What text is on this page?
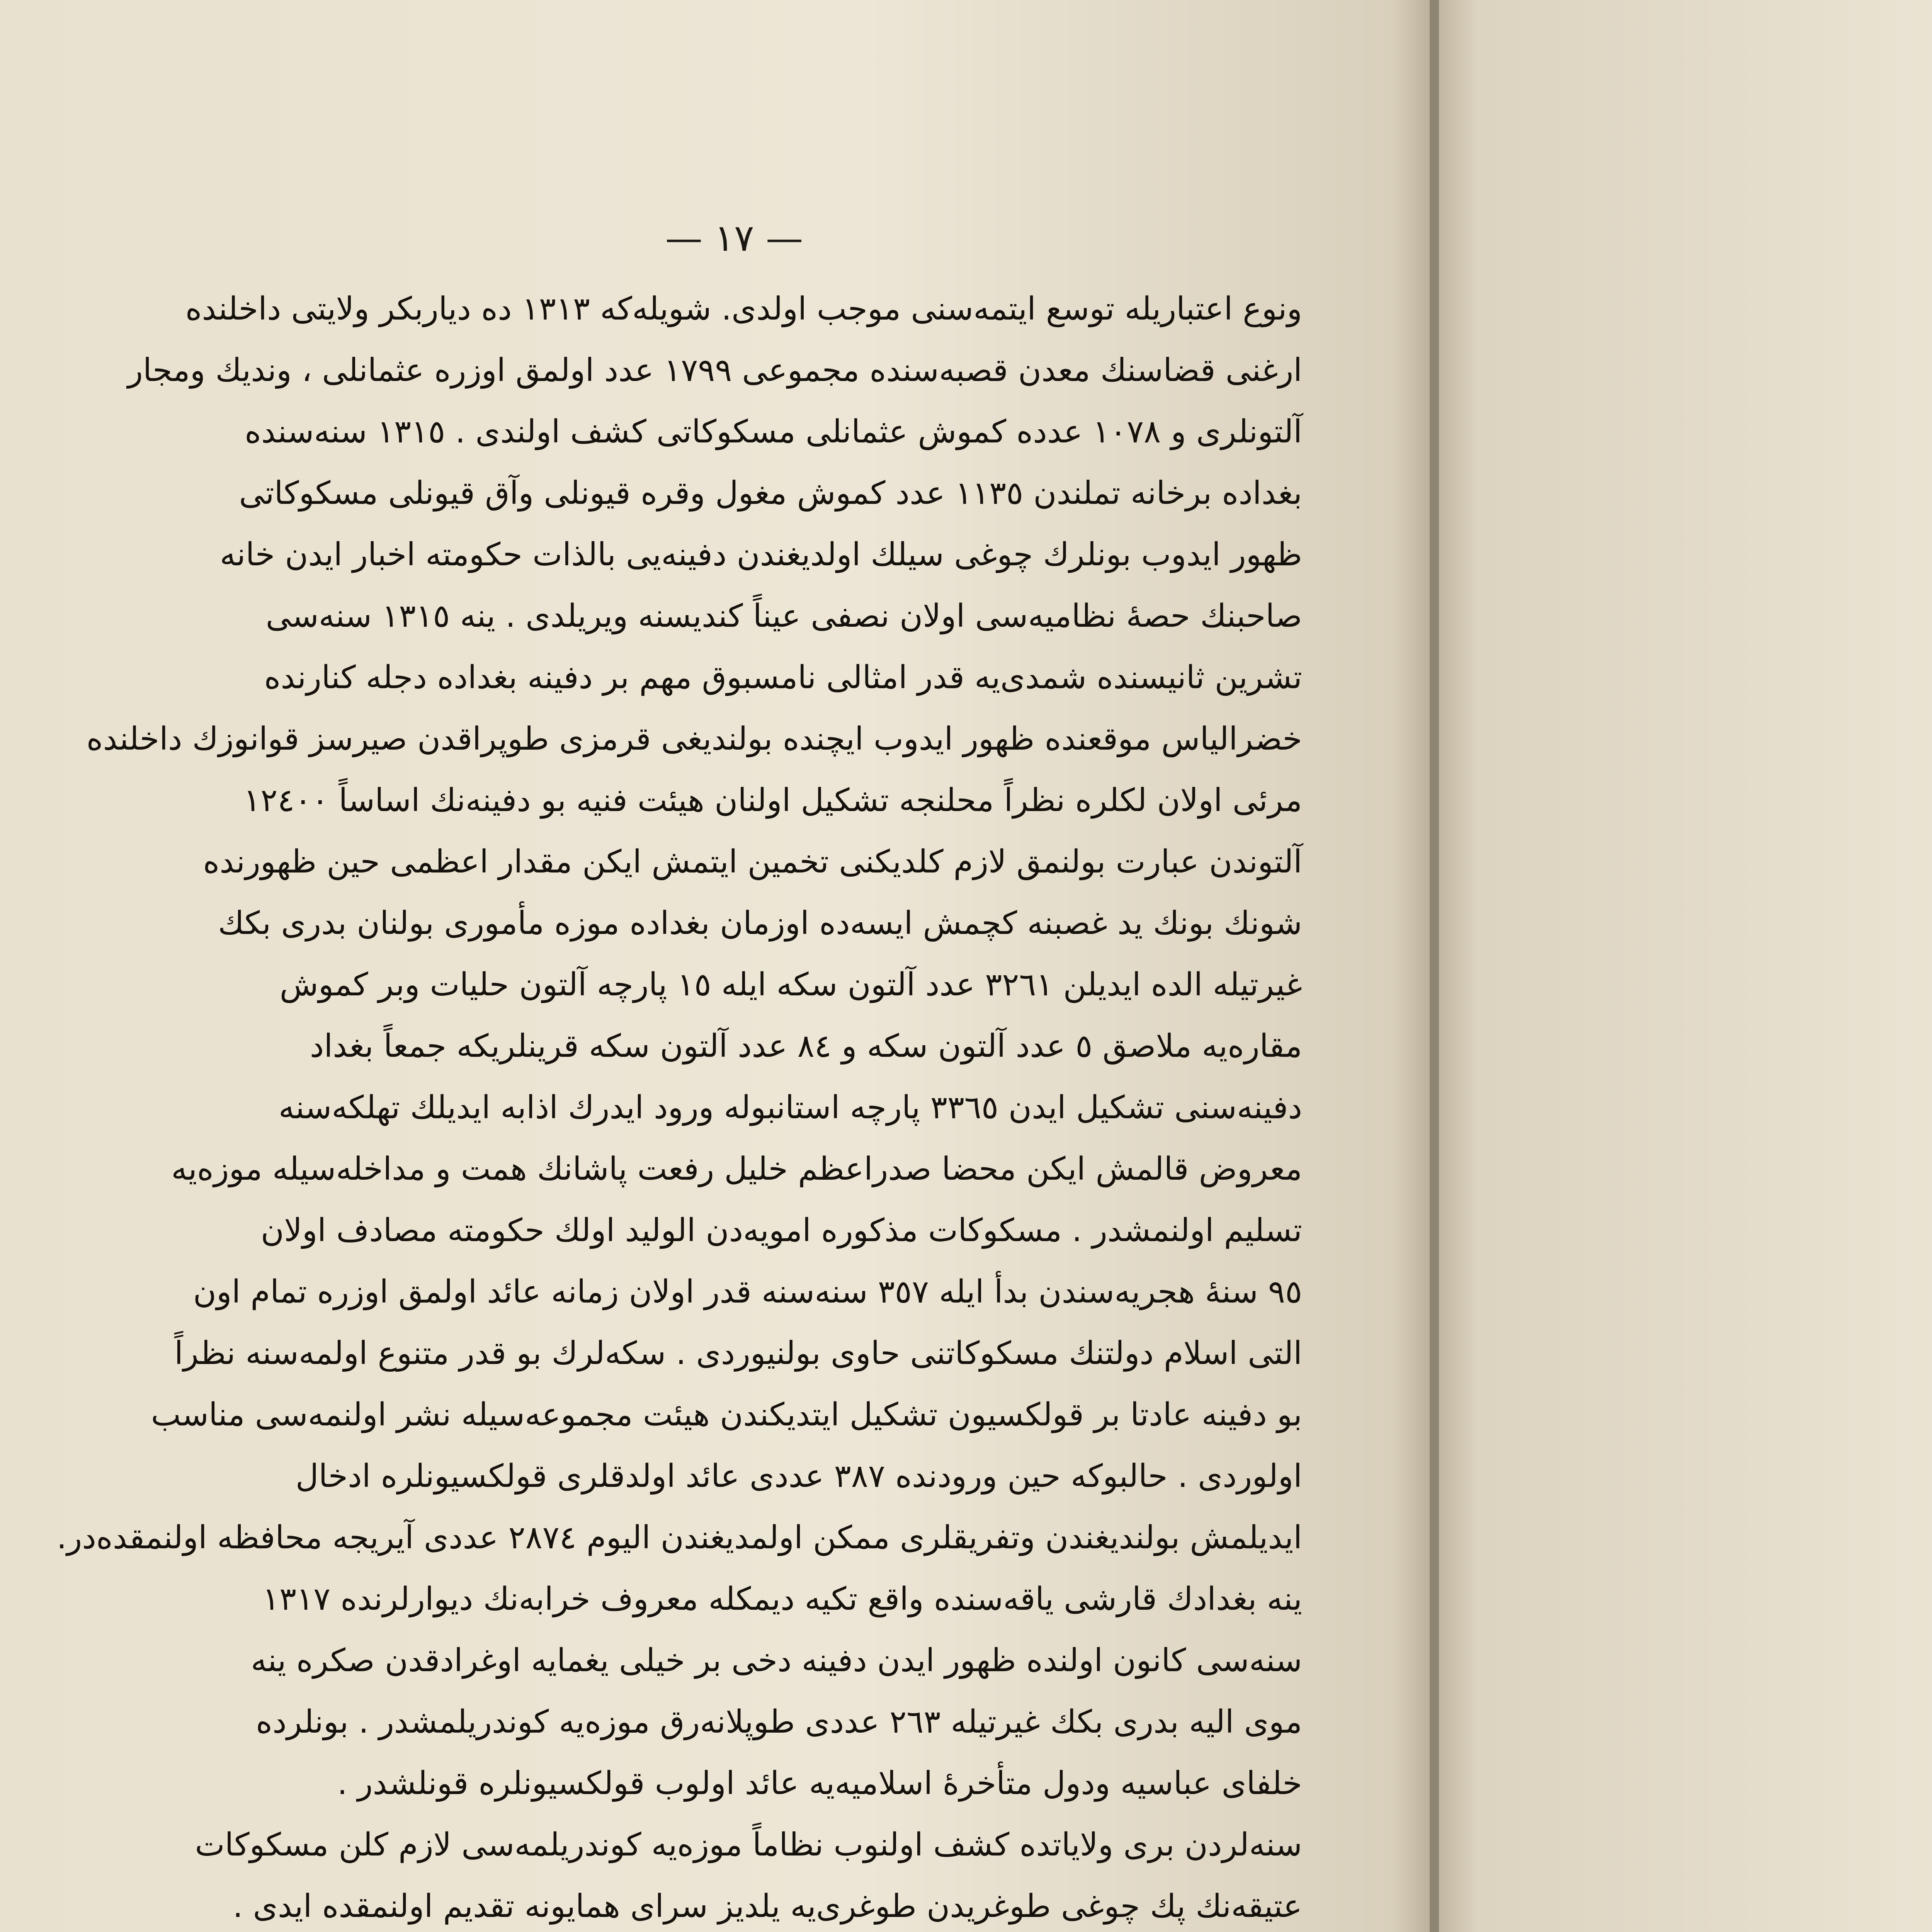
— ١٧ —
ونوع اعتباريله توسع ايتمه‌سنى موجب اولدى. شويله‌كه ١٣١٣ ده دياربكر ولايتى داخلنده
ارغنى قضاسنك معدن قصبه‌سنده مجموعى ١٧٩٩ عدد اولمق اوزره عثمانلى ، ونديك ومجار
آلتونلرى و ١٠٧٨ عدده كموش عثمانلى مسكوكاتى كشف اولندى . ١٣١٥ سنه‌سنده
بغداده برخانه تملندن ١١٣٥ عدد كموش مغول وقره قيونلى وآق قيونلى مسكوكاتى
ظهور ايدوب بونلرك چوغى سيلك اولديغندن دفينه‌يى بالذات حكومته اخبار ايدن خانه
صاحبنك حصهٔ نظاميه‌سى اولان نصفى عيناً كنديسنه ويريلدى . ينه ١٣١٥ سنه‌سى
تشرين ثانيسنده شمدى‌يه قدر امثالى نامسبوق مهم بر دفينه بغداده دجله كنارنده
خضرالياس موقعنده ظهور ايدوب ايچنده بولنديغى قرمزى طوپراقدن صيرسز قوانوزك داخلنده
مرئى اولان لكلره نظراً محلنجه تشكيل اولنان هيئت فنيه بو دفينه‌نك اساساً ١٢٤٠٠
آلتوندن عبارت بولنمق لازم كلديكنى تخمين ايتمش ايكن مقدار اعظمى حين ظهورنده
شونك بونك يد غصبنه كچمش ايسه‌ده اوزمان بغداده موزه مأمورى بولنان بدرى بكك
غيرتيله الده ايديلن ٣٢٦١ عدد آلتون سكه ايله ١٥ پارچه آلتون حليات وبر كموش
مقاره‌يه ملاصق ٥ عدد آلتون سكه و ٨٤ عدد آلتون سكه قرينلريكه جمعاً بغداد
دفينه‌سنى تشكيل ايدن ٣٣٦٥ پارچه استانبوله ورود ايدرك اذابه ايديلك تهلكه‌سنه
معروض قالمش ايكن محضا صدراعظم خليل رفعت پاشانك همت و مداخله‌سيله موزه‌يه
تسليم اولنمشدر . مسكوكات مذكوره امويه‌دن الوليد اولك حكومته مصادف اولان
٩٥ سنهٔ هجريه‌سندن بدأ ايله ٣٥٧ سنه‌سنه قدر اولان زمانه عائد اولمق اوزره تمام اون
التى اسلام دولتنك مسكوكاتنى حاوى بولنيوردى . سكه‌لرك بو قدر متنوع اولمه‌سنه نظراً
بو دفينه عادتا بر قولكسيون تشكيل ايتديكندن هيئت مجموعه‌سيله نشر اولنمه‌سى مناسب
اولوردى . حالبوكه حين ورودنده ٣٨٧ عددى عائد اولدقلرى قولكسيونلره ادخال
ايديلمش بولنديغندن وتفريقلرى ممكن اولمديغندن اليوم ٢٨٧٤ عددى آيريجه محافظه اولنمقده‌در.
ينه بغدادك قارشى ياقه‌سنده واقع تكيه ديمكله معروف خرابه‌نك ديوارلرنده ١٣١٧
سنه‌سى كانون اولنده ظهور ايدن دفينه دخى بر خيلى يغمايه اوغرادقدن صكره ينه
موى اليه بدرى بكك غيرتيله ٢٦٣ عددى طوپلانه‌رق موزه‌يه كوندريلمشدر . بونلرده
خلفاى عباسيه ودول متأخرهٔ اسلاميه‌يه عائد اولوب قولكسيونلره قونلشدر .
سنه‌لردن برى ولاياتده كشف اولنوب نظاماً موزه‌يه كوندريلمه‌سى لازم كلن مسكوكات
عتيقه‌نك پك چوغى طوغريدن طوغرى‌يه يلديز سراى همايونه تقديم اولنمقده ايدى .
